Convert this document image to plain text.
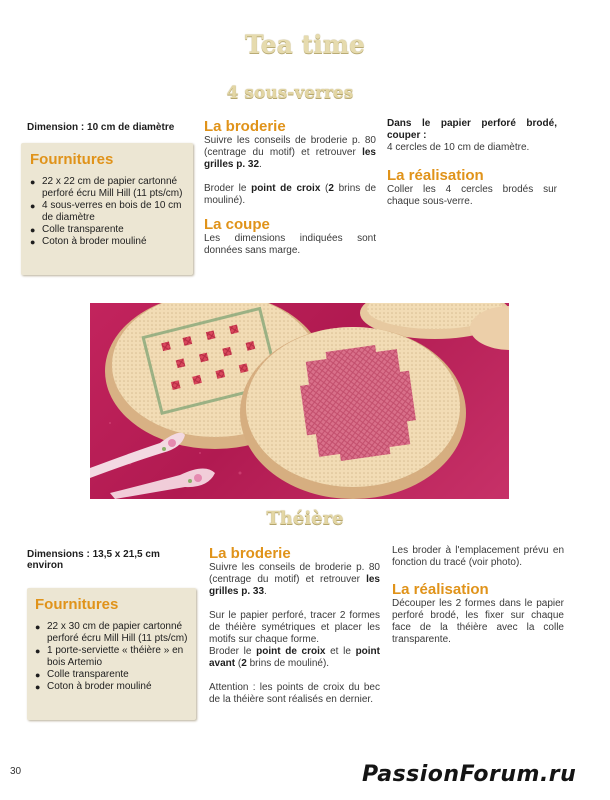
Tea time
4 sous-verres
Dimension : 10 cm de diamètre
Fournitures
● 22 x 22 cm de papier cartonné perforé écru Mill Hill (11 pts/cm)
● 4 sous-verres en bois de 10 cm de diamètre
● Colle transparente
● Coton à broder mouliné
La broderie

Suivre les conseils de broderie p. 80 (centrage du motif) et retrouver les grilles p. 32.

Broder le point de croix (2 brins de mouliné).

La coupe

Les dimensions indiquées sont données sans marge.

Dans le papier perforé brodé, couper :

4 cercles de 10 cm de diamètre.

La réalisation

Coller les 4 cercles brodés sur chaque sous-verre.

Théière
Dimensions : 13,5 x 21,5 cm environ
Fournitures
● 22 x 30 cm de papier cartonné perforé écru Mill Hill (11 pts/cm)
● 1 porte-serviette « théière » en bois Artemio
● Colle transparente
● Coton à broder mouliné
La broderie

Suivre les conseils de broderie p. 80 (centrage du motif) et retrouver les grilles p. 33.

Sur le papier perforé, tracer 2 formes de théière symétriques et placer les motifs sur chaque forme.

Broder le point de croix et le point avant (2 brins de mouliné).

Attention : les points de croix du bec de la théière sont réalisés en dernier.

Les broder à l'emplacement prévu en fonction du tracé (voir photo).

La réalisation

Découper les 2 formes dans le papier perforé brodé, les fixer sur chaque face de la théière avec la colle transparente.

30	PassionForum.ru
